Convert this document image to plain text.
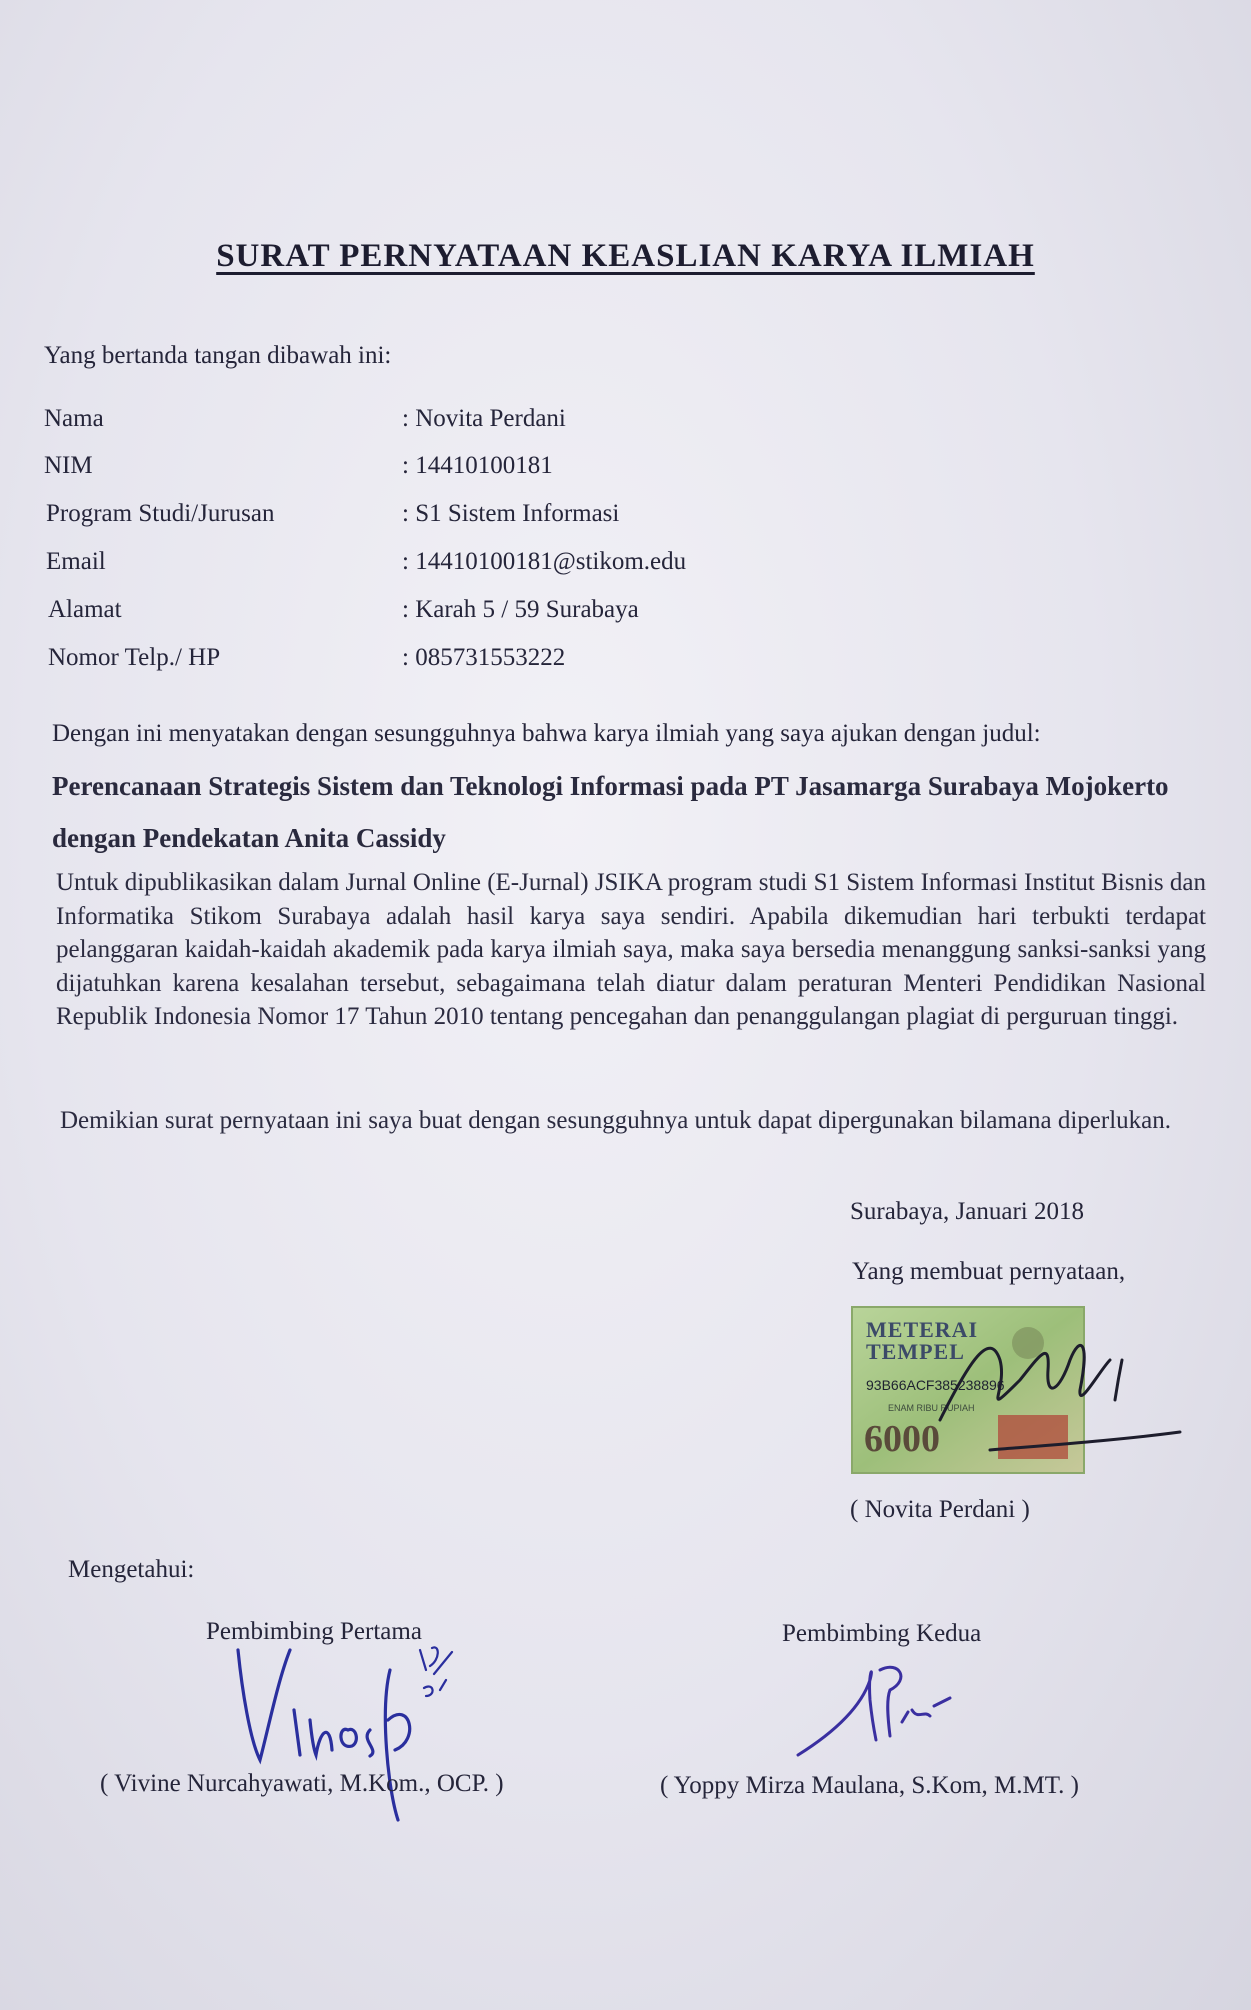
SURAT PERNYATAAN KEASLIAN KARYA ILMIAH

Yang bertanda tangan dibawah ini:

Nama	: Novita Perdani

NIM	: 14410100181

Program Studi/Jurusan	: S1 Sistem Informasi

Email	: 14410100181@stikom.edu

Alamat	: Karah 5 / 59 Surabaya

Nomor Telp./ HP	: 085731553222

Dengan ini menyatakan dengan sesungguhnya bahwa karya ilmiah yang saya ajukan dengan judul:

Perencanaan Strategis Sistem dan Teknologi Informasi pada PT Jasamarga Surabaya Mojokerto dengan Pendekatan Anita Cassidy

Untuk dipublikasikan dalam Jurnal Online (E-Jurnal) JSIKA program studi S1 Sistem Informasi Institut Bisnis dan Informatika Stikom Surabaya adalah hasil karya saya sendiri. Apabila dikemudian hari terbukti terdapat pelanggaran kaidah-kaidah akademik pada karya ilmiah saya, maka saya bersedia menanggung sanksi-sanksi yang dijatuhkan karena kesalahan tersebut, sebagaimana telah diatur dalam peraturan Menteri Pendidikan Nasional Republik Indonesia Nomor 17 Tahun 2010 tentang pencegahan dan penanggulangan plagiat di perguruan tinggi.

Demikian surat pernyataan ini saya buat dengan sesungguhnya untuk dapat dipergunakan bilamana diperlukan.

Surabaya, Januari 2018

Yang membuat pernyataan,

METERAI
TEMPEL
93B66ACF385238896
ENAM RIBU RUPIAH
6000

( Novita Perdani )

Mengetahui:

Pembimbing Pertama	Pembimbing Kedua

( Vivine Nurcahyawati, M.Kom., OCP. )	( Yoppy Mirza Maulana, S.Kom, M.MT. )
